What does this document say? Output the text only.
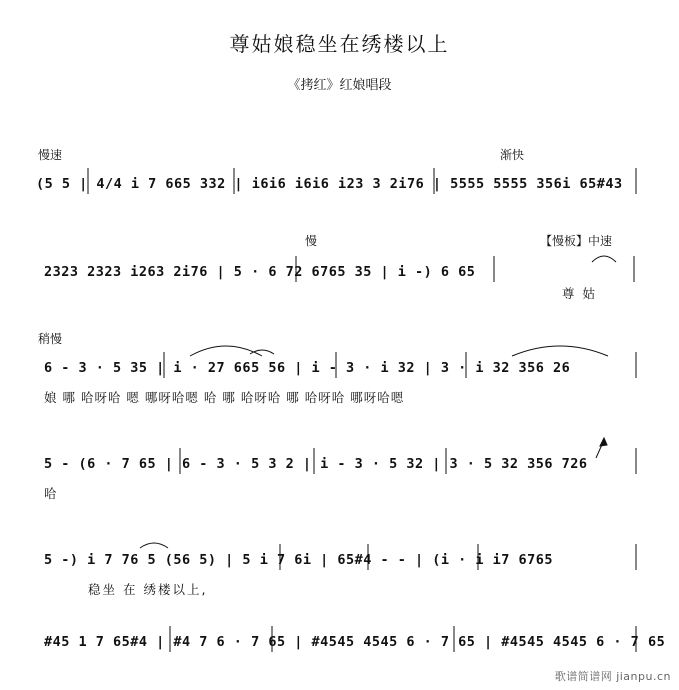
尊姑娘稳坐在绣楼以上
《拷红》红娘唱段
慢速	渐快
(5 5 | 4/4 i 7 665 332 | i6i6 i6i6 i23 3 2i76 | 5555 5555 356i 65#43
慢	【慢板】中速
2323 2323 i263 2i76 | 5 · 6 72 6765 35 | i -) 6 65
尊 姑
稍慢
6 - 3 · 5 35 | i · 27 665 56 | i - 3 · i 32 | 3 · i 32 356 26
娘 哪 哈呀哈 嗯 哪呀哈嗯 哈 哪 哈呀哈 哪 哈呀哈 哪呀哈嗯
5 - (6 · 7 65 | 6 - 3 · 5 3 2 | i - 3 · 5 32 | 3 · 5 32 356 726
哈
5 -) i 7 76 5 (56 5) | 5 i 7 6i | 65#4 - - | (i · i i7 6765
稳坐 在 绣楼以上,
#45 1 7 65#4 | #4 7 6 · 7 65 | #4545 4545 6 · 7 65 | #4545 4545 6 · 7 65
歌谱简谱网 jianpu.cn
